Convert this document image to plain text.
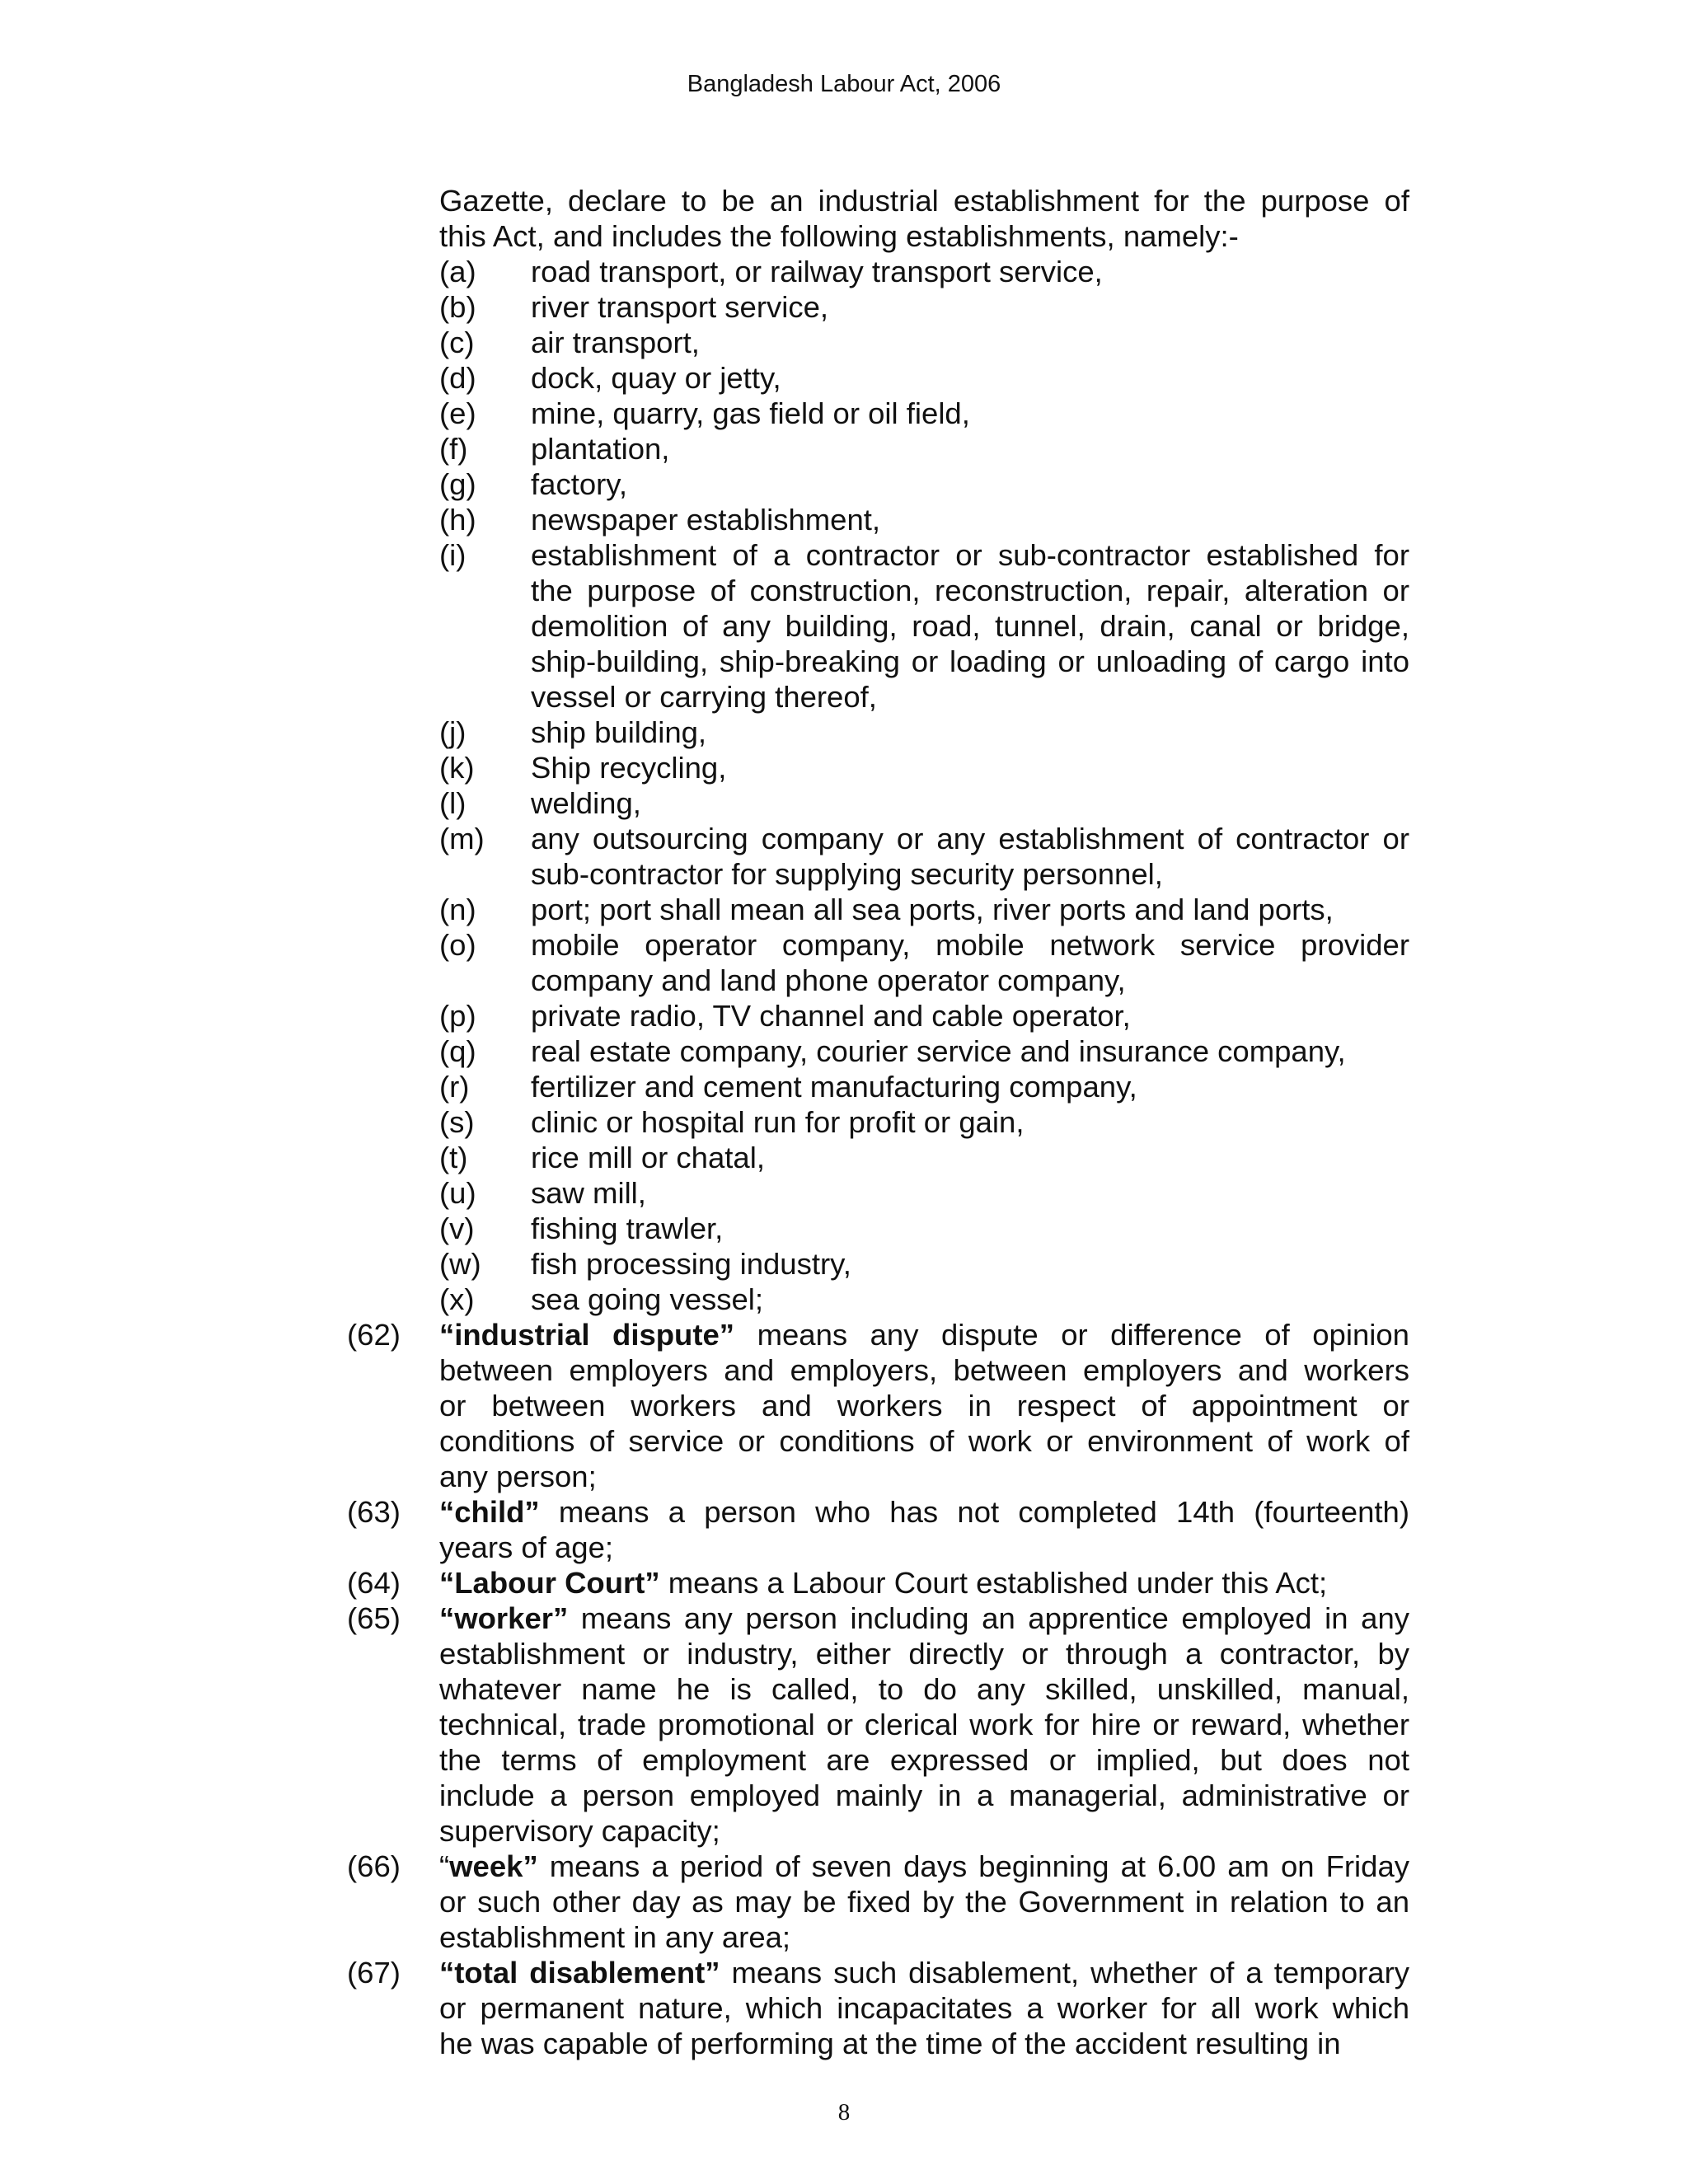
Bangladesh Labour Act, 2006
Gazette, declare to be an industrial establishment for the purpose of
this Act, and includes the following establishments, namely:-
(a) road transport, or railway transport service,
(b) river transport service,
(c) air transport,
(d) dock, quay or jetty,
(e) mine, quarry, gas field or oil field,
(f) plantation,
(g) factory,
(h) newspaper establishment,
(i) establishment of a contractor or sub-contractor established for
the purpose of construction, reconstruction, repair, alteration or
demolition of any building, road, tunnel, drain, canal or bridge,
ship-building, ship-breaking or loading or unloading of cargo into
vessel or carrying thereof,
(j) ship building,
(k) Ship recycling,
(l) welding,
(m) any outsourcing company or any establishment of contractor or
sub-contractor for supplying security personnel,
(n) port; port shall mean all sea ports, river ports and land ports,
(o) mobile operator company, mobile network service provider
company and land phone operator company,
(p) private radio, TV channel and cable operator,
(q) real estate company, courier service and insurance company,
(r) fertilizer and cement manufacturing company,
(s) clinic or hospital run for profit or gain,
(t) rice mill or chatal,
(u) saw mill,
(v) fishing trawler,
(w) fish processing industry,
(x) sea going vessel;
(62) “industrial dispute” means any dispute or difference of opinion
between employers and employers, between employers and workers
or between workers and workers in respect of appointment or
conditions of service or conditions of work or environment of work of
any person;
(63) “child” means a person who has not completed 14th (fourteenth)
years of age;
(64) “Labour Court” means a Labour Court established under this Act;
(65) “worker” means any person including an apprentice employed in any
establishment or industry, either directly or through a contractor, by
whatever name he is called, to do any skilled, unskilled, manual,
technical, trade promotional or clerical work for hire or reward, whether
the terms of employment are expressed or implied, but does not
include a person employed mainly in a managerial, administrative or
supervisory capacity;
(66) “week” means a period of seven days beginning at 6.00 am on Friday
or such other day as may be fixed by the Government in relation to an
establishment in any area;
(67) “total disablement” means such disablement, whether of a temporary
or permanent nature, which incapacitates a worker for all work which
he was capable of performing at the time of the accident resulting in
8
